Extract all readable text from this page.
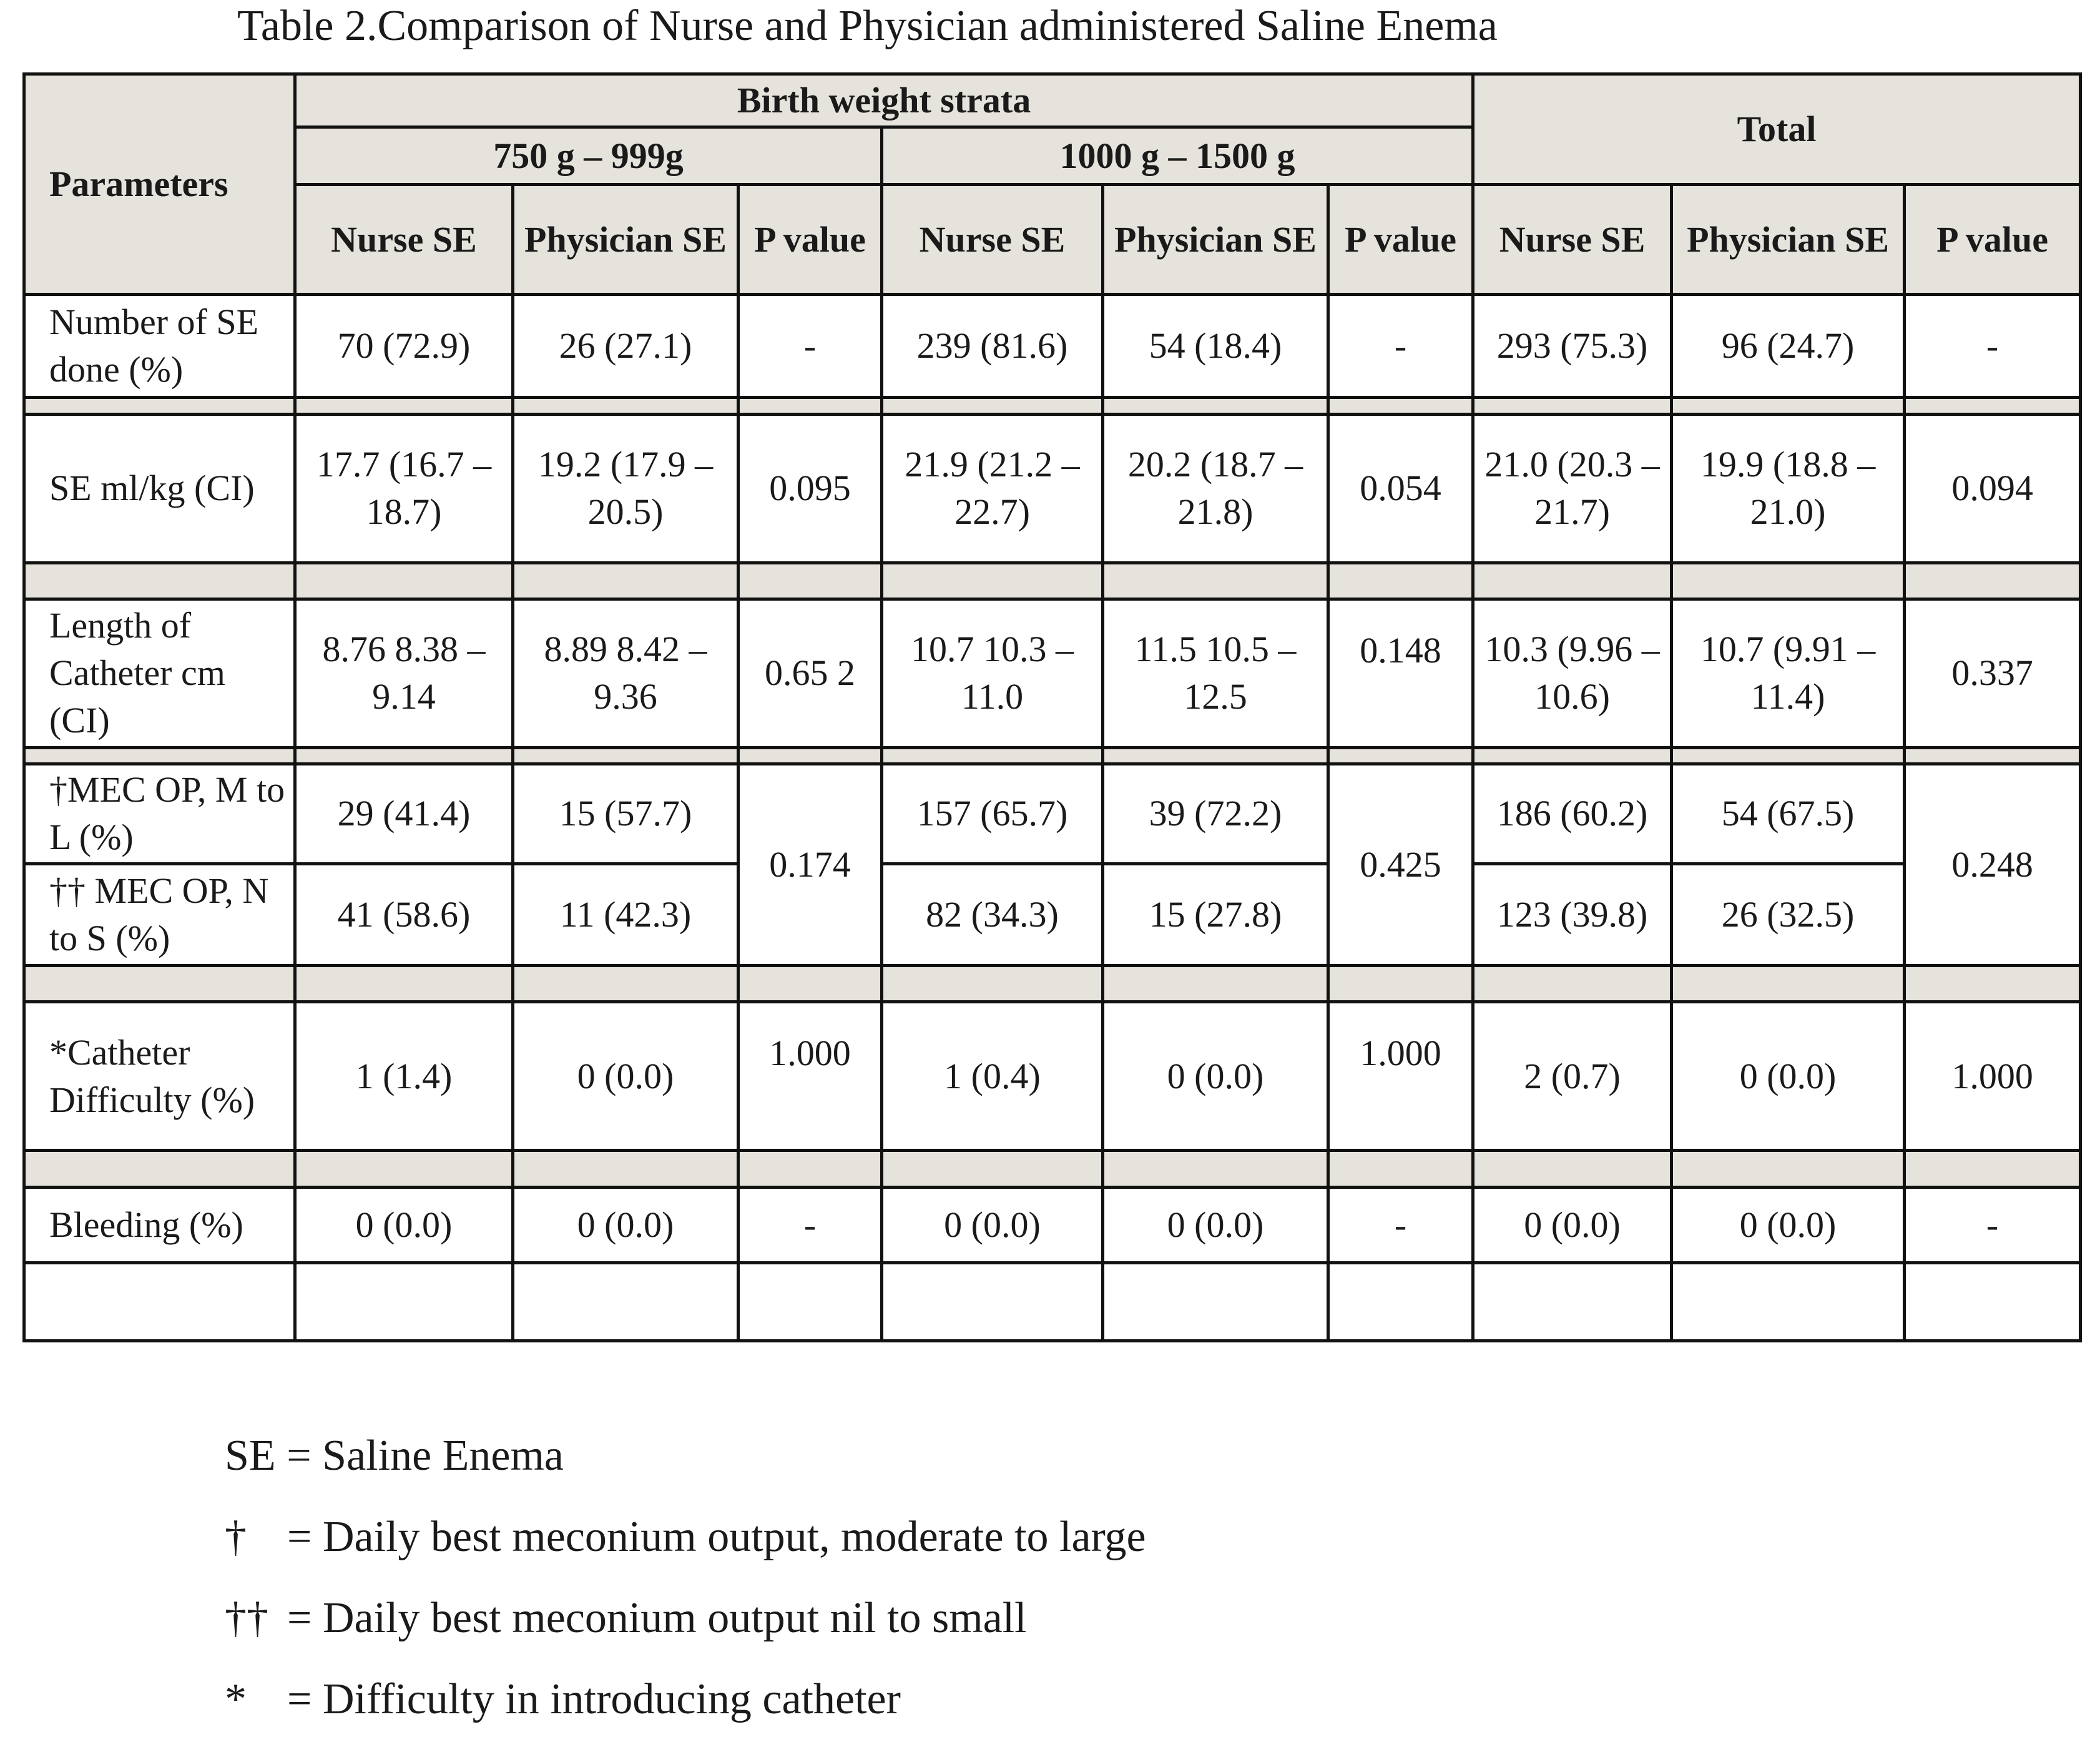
Table 2.Comparison of Nurse and Physician administered Saline Enema
Parameters	Birth weight strata						Total		
	750 g – 999g			1000 g – 1500 g					
	Nurse SE	Physician SE	P value	Nurse SE	Physician SE	P value	Nurse SE	Physician SE	P value
Number of SE done (%)	70 (72.9)	26 (27.1)	-	239 (81.6)	54 (18.4)	-	293 (75.3)	96 (24.7)	-

SE ml/kg (CI)	17.7 (16.7 – 18.7)	19.2 (17.9 – 20.5)	0.095	21.9 (21.2 – 22.7)	20.2 (18.7 – 21.8)	0.054	21.0 (20.3 – 21.7)	19.9 (18.8 – 21.0)	0.094

Length of Catheter cm (CI)	8.76 8.38 – 9.14	8.89 8.42 – 9.36	0.65 2	10.7 10.3 – 11.0	11.5 10.5 – 12.5	0.148	10.3 (9.96 – 10.6)	10.7 (9.91 – 11.4)	0.337

†MEC OP, M to L (%)	29 (41.4)	15 (57.7)	0.174	157 (65.7)	39 (72.2)	0.425	186 (60.2)	54 (67.5)	0.248
†† MEC OP, N to S (%)	41 (58.6)	11 (42.3)		82 (34.3)	15 (27.8)		123 (39.8)	26 (32.5)	

*Catheter Difficulty (%)	1 (1.4)	0 (0.0)	1.000	1 (0.4)	0 (0.0)	1.000	2 (0.7)	0 (0.0)	1.000

Bleeding (%)	0 (0.0)	0 (0.0)	-	0 (0.0)	0 (0.0)	-	0 (0.0)	0 (0.0)	-

SE = Saline Enema
† = Daily best meconium output, moderate to large
†† = Daily best meconium output nil to small
* = Difficulty in introducing catheter
